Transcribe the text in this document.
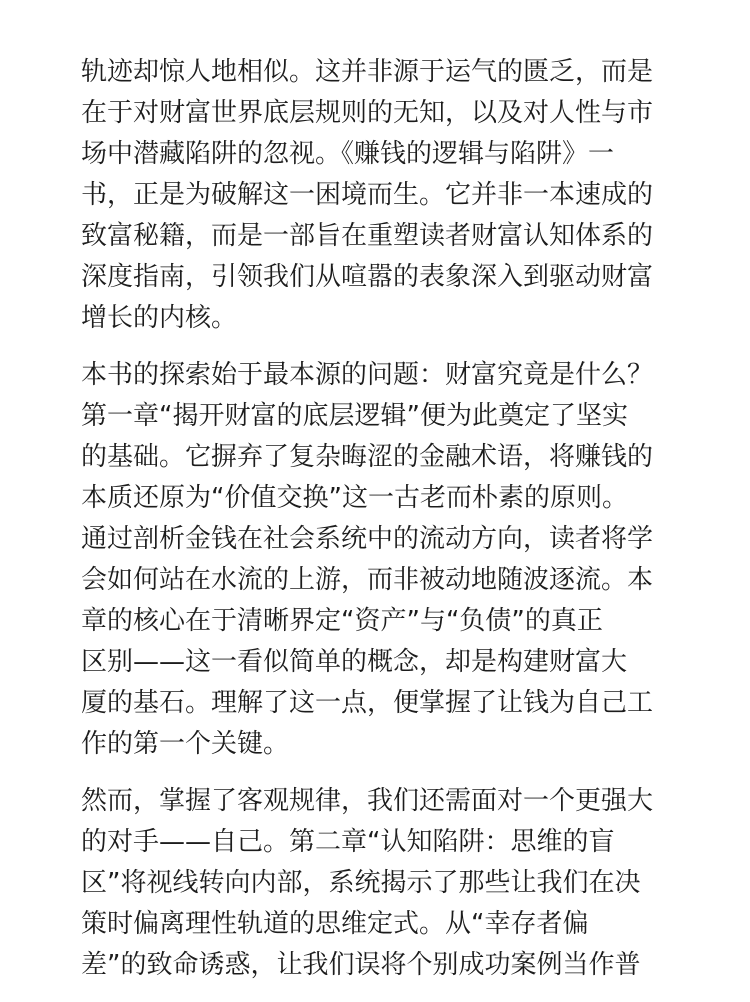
轨迹却惊人地相似。这并非源于运气的匮乏，而是
在于对财富世界底层规则的无知，以及对人性与市
场中潜藏陷阱的忽视。《赚钱的逻辑与陷阱》一
书，正是为破解这一困境而生。它并非一本速成的
致富秘籍，而是一部旨在重塑读者财富认知体系的
深度指南，引领我们从喧嚣的表象深入到驱动财富
增长的内核。
本书的探索始于最本源的问题：财富究竟是什么？
第一章“揭开财富的底层逻辑”便为此奠定了坚实
的基础。它摒弃了复杂晦涩的金融术语，将赚钱的
本质还原为“价值交换”这一古老而朴素的原则。
通过剖析金钱在社会系统中的流动方向，读者将学
会如何站在水流的上游，而非被动地随波逐流。本
章的核心在于清晰界定“资产”与“负债”的真正
区别——这一看似简单的概念，却是构建财富大
厦的基石。理解了这一点，便掌握了让钱为自己工
作的第一个关键。
然而，掌握了客观规律，我们还需面对一个更强大
的对手——自己。第二章“认知陷阱：思维的盲
区”将视线转向内部，系统揭示了那些让我们在决
策时偏离理性轨道的思维定式。从“幸存者偏
差”的致命诱惑，让我们误将个别成功案例当作普
